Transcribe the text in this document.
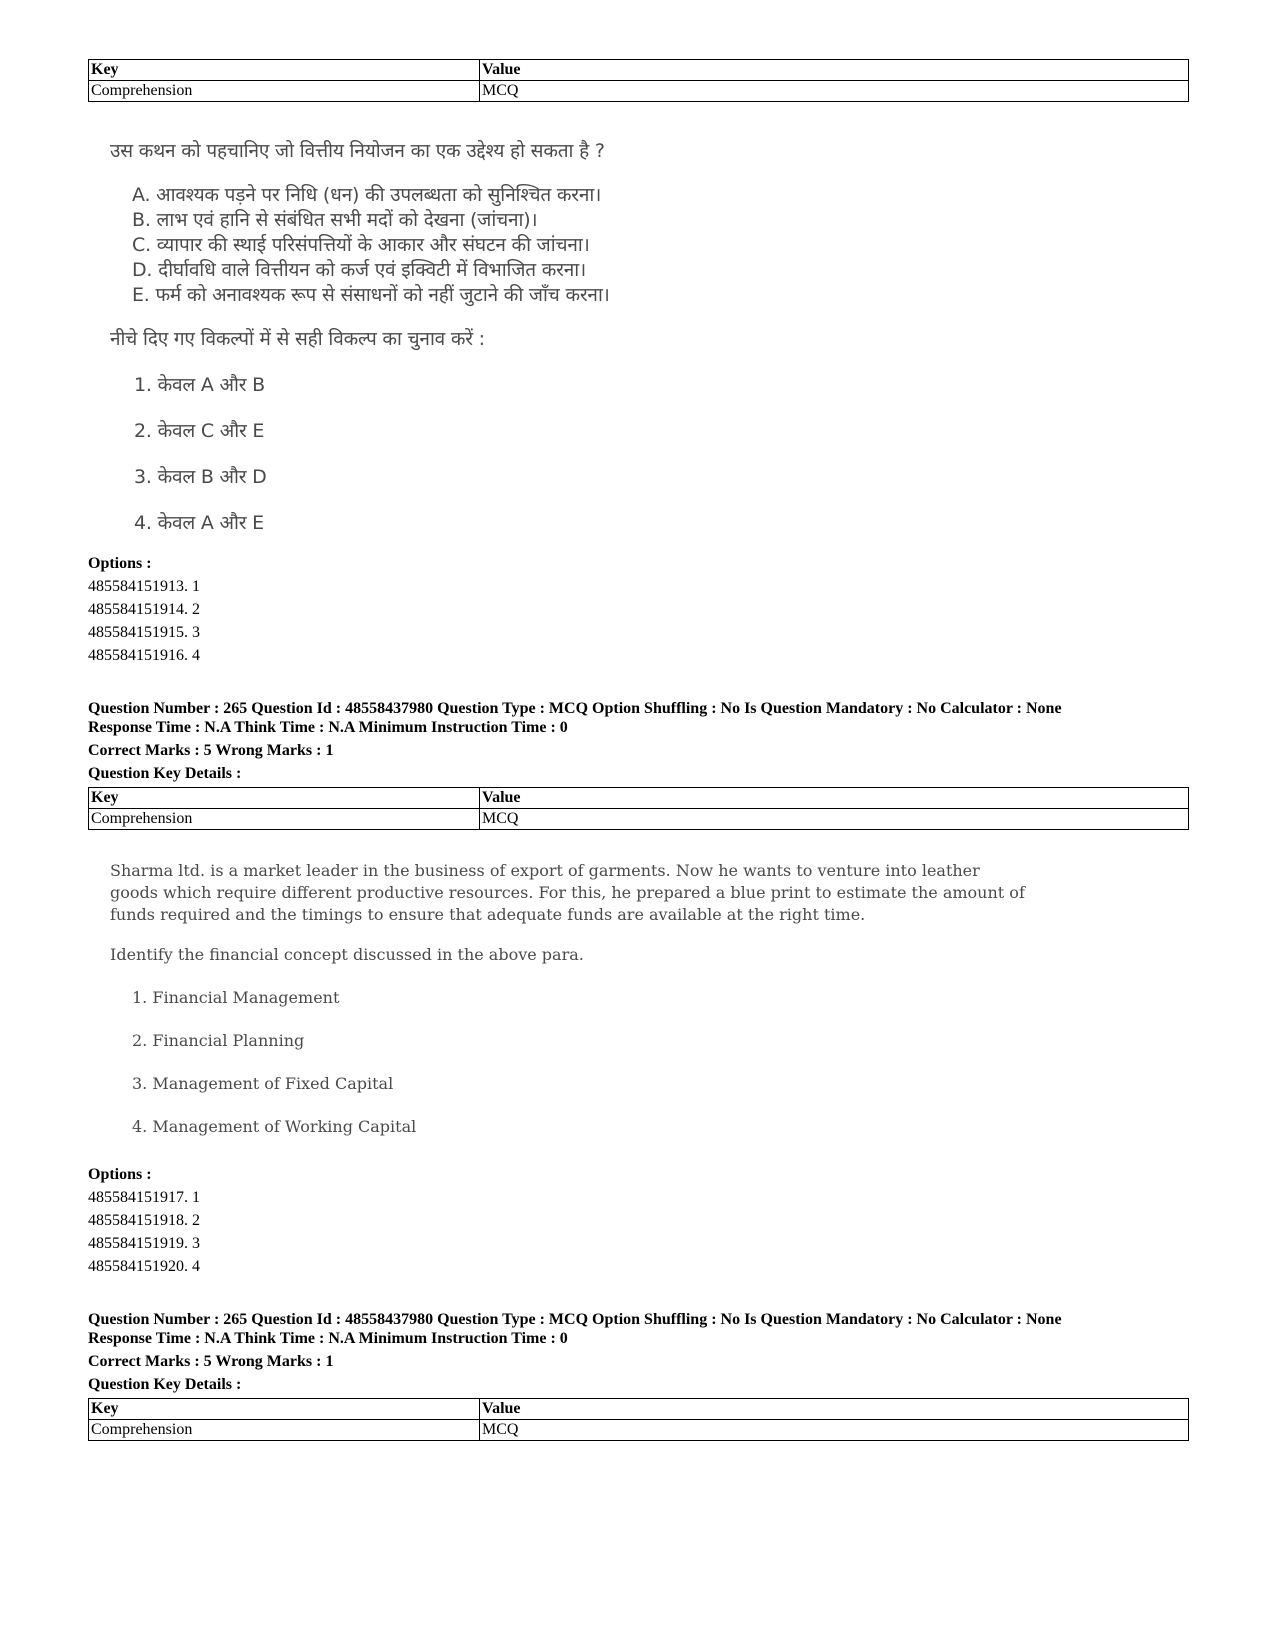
Key	Value
Comprehension	MCQ
उस कथन को पहचानिए जो वित्तीय नियोजन का एक उद्देश्य हो सकता है ?
A. आवश्यक पड़ने पर निधि (धन) की उपलब्धता को सुनिश्चित करना।
B. लाभ एवं हानि से संबंधित सभी मदों को देखना (जांचना)।
C. व्यापार की स्थाई परिसंपत्तियों के आकार और संघटन की जांचना।
D. दीर्घावधि वाले वित्तीयन को कर्ज एवं इक्विटी में विभाजित करना।
E. फर्म को अनावश्यक रूप से संसाधनों को नहीं जुटाने की जाँच करना।
नीचे दिए गए विकल्पों में से सही विकल्प का चुनाव करें :
1. केवल A और B
2. केवल C और E
3. केवल B और D
4. केवल A और E
Options :
485584151913. 1
485584151914. 2
485584151915. 3
485584151916. 4
Question Number : 265 Question Id : 48558437980 Question Type : MCQ Option Shuffling : No Is Question Mandatory : No Calculator : None
Response Time : N.A Think Time : N.A Minimum Instruction Time : 0
Correct Marks : 5 Wrong Marks : 1
Question Key Details :
Key	Value
Comprehension	MCQ
Sharma ltd. is a market leader in the business of export of garments. Now he wants to venture into leather
goods which require different productive resources. For this, he prepared a blue print to estimate the amount of
funds required and the timings to ensure that adequate funds are available at the right time.
Identify the financial concept discussed in the above para.
1. Financial Management
2. Financial Planning
3. Management of Fixed Capital
4. Management of Working Capital
Options :
485584151917. 1
485584151918. 2
485584151919. 3
485584151920. 4
Question Number : 265 Question Id : 48558437980 Question Type : MCQ Option Shuffling : No Is Question Mandatory : No Calculator : None
Response Time : N.A Think Time : N.A Minimum Instruction Time : 0
Correct Marks : 5 Wrong Marks : 1
Question Key Details :
Key	Value
Comprehension	MCQ
